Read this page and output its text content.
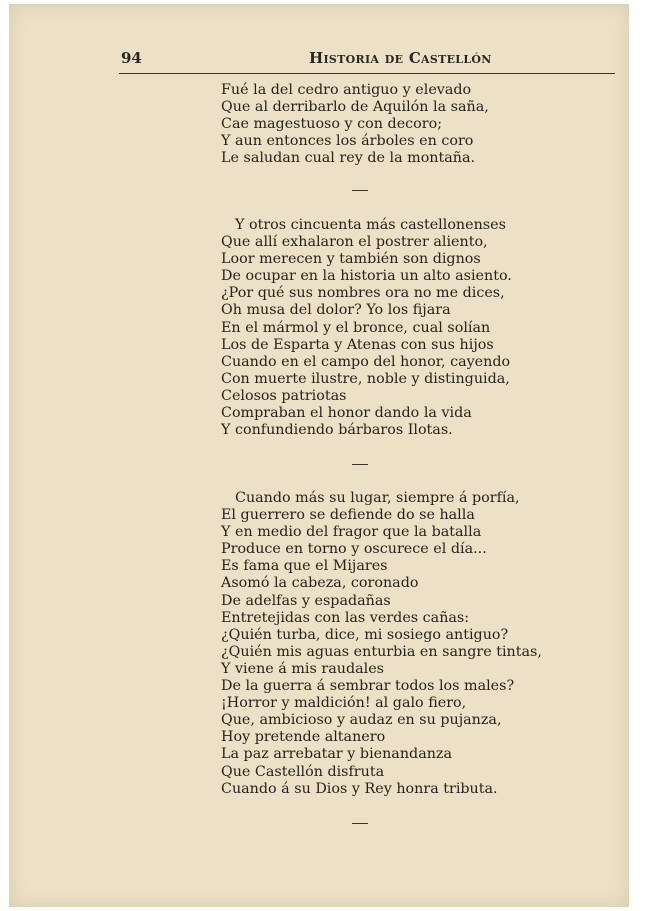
94	Historia de Castellón
Fué la del cedro antiguo y elevado
Que al derribarlo de Aquilón la saña,
Cae magestuoso y con decoro;
Y aun entonces los árboles en coro
Le saludan cual rey de la montaña.
Y otros cincuenta más castellonenses
Que allí exhalaron el postrer aliento,
Loor merecen y también son dignos
De ocupar en la historia un alto asiento.
¿Por qué sus nombres ora no me dices,
Oh musa del dolor? Yo los fijara
En el mármol y el bronce, cual solían
Los de Esparta y Atenas con sus hijos
Cuando en el campo del honor, cayendo
Con muerte ilustre, noble y distinguida,
Celosos patriotas
Compraban el honor dando la vida
Y confundiendo bárbaros Ilotas.
Cuando más su lugar, siempre á porfía,
El guerrero se defiende do se halla
Y en medio del fragor que la batalla
Produce en torno y oscurece el día...
Es fama que el Mijares
Asomó la cabeza, coronado
De adelfas y espadañas
Entretejidas con las verdes cañas:
¿Quién turba, dice, mi sosiego antiguo?
¿Quién mis aguas enturbia en sangre tintas,
Y viene á mis raudales
De la guerra á sembrar todos los males?
¡Horror y maldición! al galo fiero,
Que, ambicioso y audaz en su pujanza,
Hoy pretende altanero
La paz arrebatar y bienandanza
Que Castellón disfruta
Cuando á su Dios y Rey honra tributa.
